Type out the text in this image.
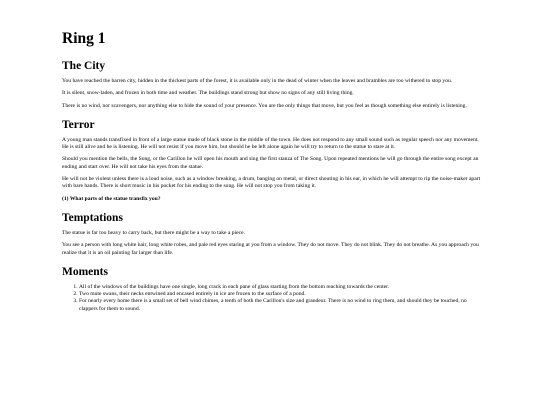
Ring 1
The City

You have reached the barren city, hidden in the thickest parts of the forest, it is available only in the dead of winter when the leaves and brambles are too withered to stop you.

It is silent, snow-laden, and frozen in both time and weather. The buildings stand strong but show no signs of any still living thing.

There is no wind, nor scavengers, nor anything else to hide the sound of your presence. You are the only things that move, but you feel as though something else entirely is listening.

Terror

A young man stands transfixed in front of a large statue made of black stone in the middle of the town. He does not respond to any small sound such as regular speech nor any movement. He is still alive and he is listening. He will not resist if you move him, but should he be left alone again he will try to return to the statue to stare at it.

Should you mention the bells, the Song, or the Carillon he will open his mouth and sing the first stanza of The Song. Upon repeated mentions he will go through the entire song except an ending and start over. He will not take his eyes from the statue.

He will not be violent unless there is a loud noise, such as a window breaking, a drum, banging on metal, or direct shouting in his ear, in which he will attempt to rip the noise-maker apart with bare hands. There is short music in his pocket for his ending to the song. He will not stop you from taking it.

(1) What parts of the statue transfix you?

Temptations

The statue is far too heavy to carry back, but there might be a way to take a piece.

You see a person with long white hair, long white robes, and pale red eyes staring at you from a window. They do not move. They do not blink. They do not breathe. As you approach you realize that it is an oil painting far larger than life.

Moments
1. All of the windows of the buildings have one single, long crack in each pane of glass starting from the bottom reaching towards the center.
2. Two mute swans, their necks entwined and encased entirely in ice are frozen to the surface of a pond.
3. For nearly every home there is a small set of bell wind chimes, a tenth of both the Carillon's size and grandeur. There is no wind to ring them, and should they be touched, no clappers for them to sound.
